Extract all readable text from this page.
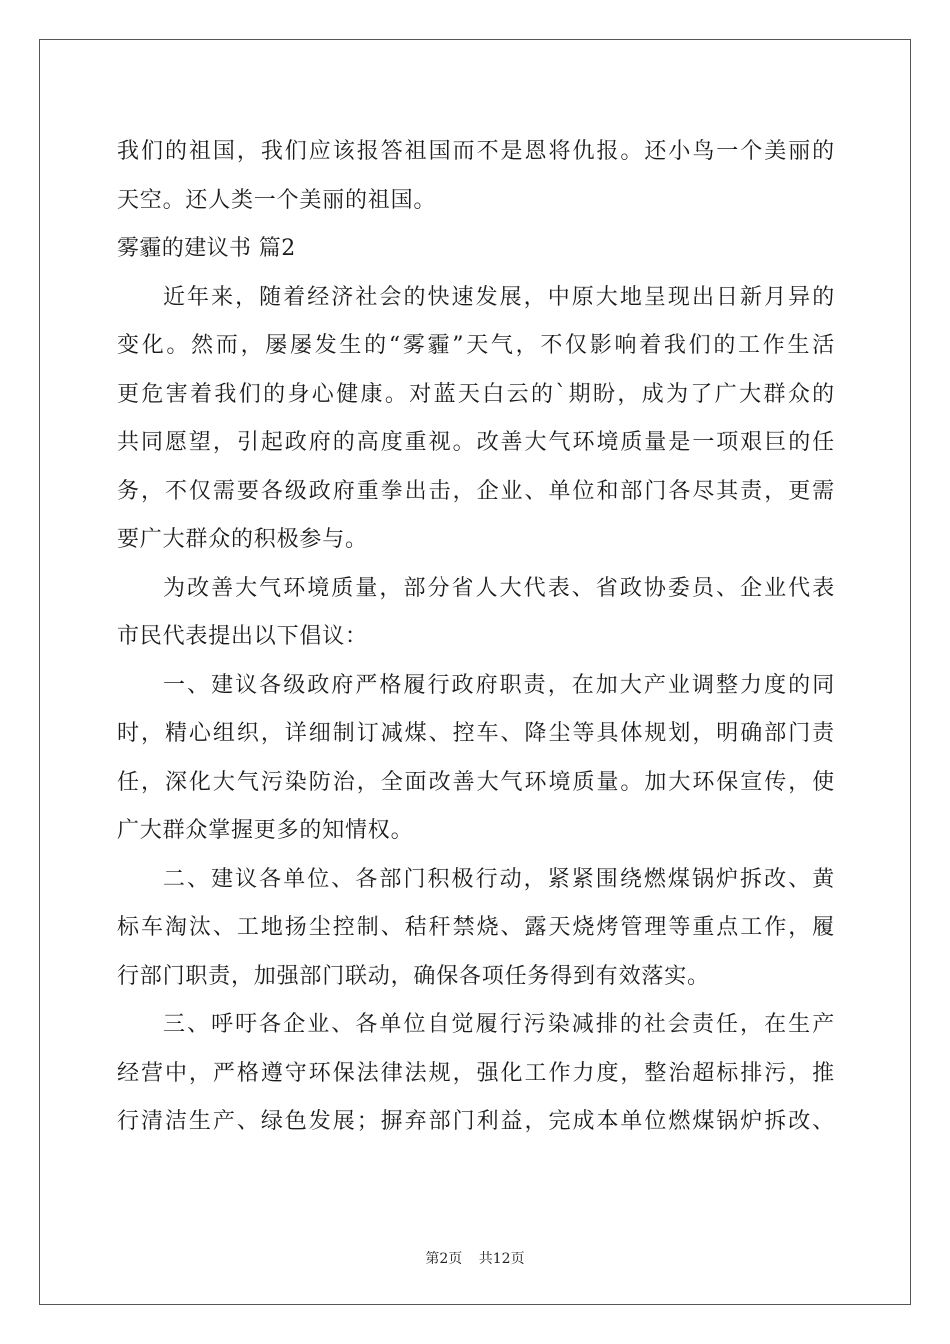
我们的祖国，我们应该报答祖国而不是恩将仇报。还小鸟一个美丽的
天空。还人类一个美丽的祖国。
雾霾的建议书 篇2
近年来，随着经济社会的快速发展，中原大地呈现出日新月异的
变化。然而，屡屡发生的“雾霾”天气，不仅影响着我们的工作生活
更危害着我们的身心健康。对蓝天白云的`期盼，成为了广大群众的
共同愿望，引起政府的高度重视。改善大气环境质量是一项艰巨的任
务，不仅需要各级政府重拳出击，企业、单位和部门各尽其责，更需
要广大群众的积极参与。
为改善大气环境质量，部分省人大代表、省政协委员、企业代表
市民代表提出以下倡议：
一、建议各级政府严格履行政府职责，在加大产业调整力度的同
时，精心组织，详细制订减煤、控车、降尘等具体规划，明确部门责
任，深化大气污染防治，全面改善大气环境质量。加大环保宣传，使
广大群众掌握更多的知情权。
二、建议各单位、各部门积极行动，紧紧围绕燃煤锅炉拆改、黄
标车淘汰、工地扬尘控制、秸秆禁烧、露天烧烤管理等重点工作，履
行部门职责，加强部门联动，确保各项任务得到有效落实。
三、呼吁各企业、各单位自觉履行污染减排的社会责任，在生产
经营中，严格遵守环保法律法规，强化工作力度，整治超标排污，推
行清洁生产、绿色发展；摒弃部门利益，完成本单位燃煤锅炉拆改、
第2页 共12页
